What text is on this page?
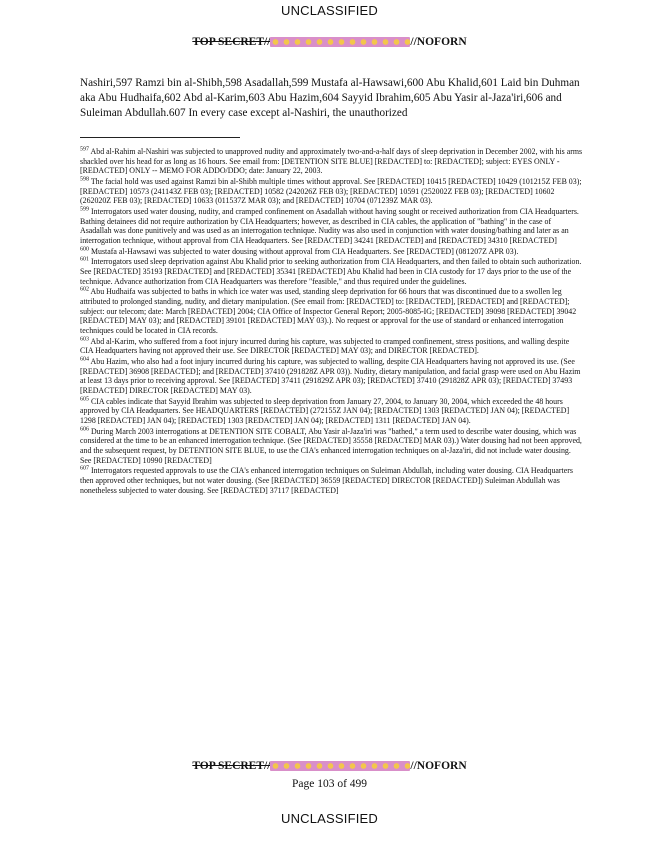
UNCLASSIFIED
TOP SECRET//	//NOFORN
Nashiri,597 Ramzi bin al-Shibh,598 Asadallah,599 Mustafa al-Hawsawi,600 Abu Khalid,601 Laid bin Duhman aka Abu Hudhaifa,602 Abd al-Karim,603 Abu Hazim,604 Sayyid Ibrahim,605 Abu Yasir al-Jaza'iri,606 and Suleiman Abdullah.607 In every case except al-Nashiri, the unauthorized

$^{597}$ Abd al-Rahim al-Nashiri was subjected to unapproved nudity and approximately two-and-a-half days of sleep deprivation in December 2002, with his arms shackled over his head for as long as 16 hours. See email from: [DETENTION SITE BLUE] [REDACTED] to: [REDACTED]; subject: EYES ONLY - [REDACTED] ONLY -- MEMO FOR ADDO/DDO; date: January 22, 2003.

$^{598}$ The facial hold was used against Ramzi bin al-Shibh multiple times without approval. See [REDACTED] 10415 [REDACTED] 10429 (101215Z FEB 03); [REDACTED] 10573 (241143Z FEB 03); [REDACTED] 10582 (242026Z FEB 03); [REDACTED] 10591 (252002Z FEB 03); [REDACTED] 10602 (262020Z FEB 03); [REDACTED] 10633 (011537Z MAR 03); and [REDACTED] 10704 (071239Z MAR 03).

$^{599}$ Interrogators used water dousing, nudity, and cramped confinement on Asadallah without having sought or received authorization from CIA Headquarters. Bathing detainees did not require authorization by CIA Headquarters; however, as described in CIA cables, the application of "bathing" in the case of Asadallah was done punitively and was used as an interrogation technique. Nudity was also used in conjunction with water dousing/bathing and later as an interrogation technique, without approval from CIA Headquarters. See [REDACTED] 34241 [REDACTED] and [REDACTED] 34310 [REDACTED]

$^{600}$ Mustafa al-Hawsawi was subjected to water dousing without approval from CIA Headquarters. See [REDACTED] (081207Z APR 03).

$^{601}$ Interrogators used sleep deprivation against Abu Khalid prior to seeking authorization from CIA Headquarters, and then failed to obtain such authorization. See [REDACTED] 35193 [REDACTED] and [REDACTED] 35341 [REDACTED] Abu Khalid had been in CIA custody for 17 days prior to the use of the technique. Advance authorization from CIA Headquarters was therefore "feasible," and thus required under the guidelines.

$^{602}$ Abu Hudhaifa was subjected to baths in which ice water was used, standing sleep deprivation for 66 hours that was discontinued due to a swollen leg attributed to prolonged standing, nudity, and dietary manipulation. (See email from: [REDACTED] to: [REDACTED], [REDACTED] and [REDACTED]; subject: our telecom; date: March [REDACTED] 2004; CIA Office of Inspector General Report; 2005-8085-IG; [REDACTED] 39098 [REDACTED] 39042 [REDACTED] MAY 03); and [REDACTED] 39101 [REDACTED] MAY 03).). No request or approval for the use of standard or enhanced interrogation techniques could be located in CIA records.

$^{603}$ Abd al-Karim, who suffered from a foot injury incurred during his capture, was subjected to cramped confinement, stress positions, and walling despite CIA Headquarters having not approved their use. See DIRECTOR [REDACTED] MAY 03); and DIRECTOR [REDACTED].

$^{604}$ Abu Hazim, who also had a foot injury incurred during his capture, was subjected to walling, despite CIA Headquarters having not approved its use. (See [REDACTED] 36908 [REDACTED]; and [REDACTED] 37410 (291828Z APR 03)). Nudity, dietary manipulation, and facial grasp were used on Abu Hazim at least 13 days prior to receiving approval. See [REDACTED] 37411 (291829Z APR 03); [REDACTED] 37410 (291828Z APR 03); [REDACTED] 37493 [REDACTED] DIRECTOR [REDACTED] MAY 03).

$^{605}$ CIA cables indicate that Sayyid Ibrahim was subjected to sleep deprivation from January 27, 2004, to January 30, 2004, which exceeded the 48 hours approved by CIA Headquarters. See HEADQUARTERS [REDACTED] (272155Z JAN 04); [REDACTED] 1303 [REDACTED] JAN 04); [REDACTED] 1298 [REDACTED] JAN 04); [REDACTED] 1303 [REDACTED] JAN 04); [REDACTED] 1311 [REDACTED] JAN 04).

$^{606}$ During March 2003 interrogations at DETENTION SITE COBALT, Abu Yasir al-Jaza'iri was "bathed," a term used to describe water dousing, which was considered at the time to be an enhanced interrogation technique. (See [REDACTED] 35558 [REDACTED] MAR 03).) Water dousing had not been approved, and the subsequent request, by DETENTION SITE BLUE, to use the CIA's enhanced interrogation techniques on al-Jaza'iri, did not include water dousing. See [REDACTED] 10990 [REDACTED]

$^{607}$ Interrogators requested approvals to use the CIA's enhanced interrogation techniques on Suleiman Abdullah, including water dousing. CIA Headquarters then approved other techniques, but not water dousing. (See [REDACTED] 36559 [REDACTED] DIRECTOR [REDACTED]) Suleiman Abdullah was nonetheless subjected to water dousing. See [REDACTED] 37117 [REDACTED]

TOP SECRET//	//NOFORN
Page 103 of 499
UNCLASSIFIED
